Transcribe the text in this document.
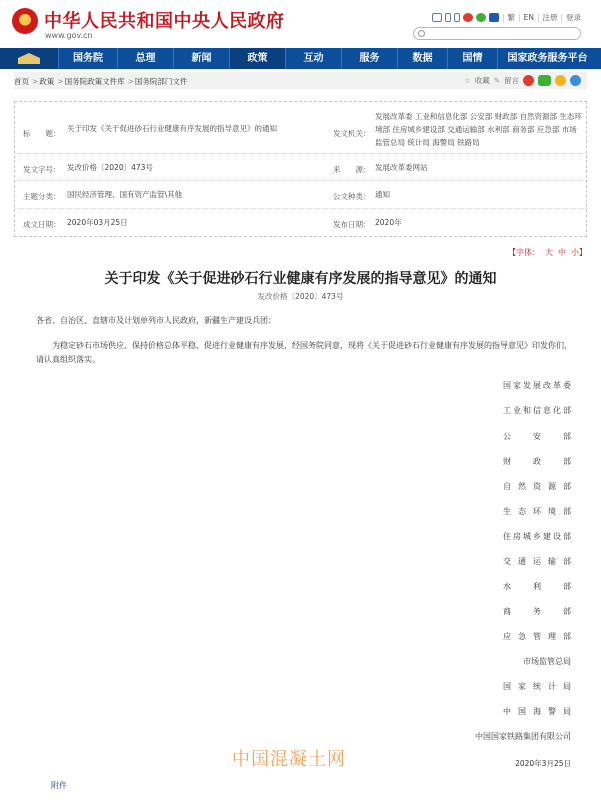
中华人民共和国中央人民政府
www.gov.cn
| 繁 | EN | 注册 | 登录
国务院	总理	新闻	政策	互动	服务	数据	国情	国家政务服务平台
首页 >政策 >国务院政策文件库 >国务院部门文件	☆ 收藏 ✎ 留言
标　　题：
关于印发《关于促进砂石行业健康有序发展的指导意见》的通知
发文机关：
发展改革委 工业和信息化部 公安部 财政部 自然资源部 生态环境部 住房城乡建设部 交通运输部 水利部 商务部 应急部 市场监管总局 统计局 海警局 铁路局
发文字号： 发改价格〔2020〕473号	来　　源： 发展改革委网站
主题分类： 国民经济管理、国有资产监管\其他	公文种类： 通知
成文日期： 2020年03月25日	发布日期： 2020年
【字体： 大 中 小】
关于印发《关于促进砂石行业健康有序发展的指导意见》的通知
发改价格〔2020〕473号
各省、自治区、直辖市及计划单列市人民政府，新疆生产建设兵团：
为稳定砂石市场供应、保持价格总体平稳、促进行业健康有序发展，经国务院同意，现将《关于促进砂石行业健康有序发展的指导意见》印发你们，请认真组织落实。
国家发展改革委
工业和信息化部
公　安　部
财　政　部
自 然 资 源 部
生 态 环 境 部
住房城乡建设部
交 通 运 输 部
水　利　部
商　务　部
应 急 管 理 部
市场监管总局
国 家 统 计 局
中 国 海 警 局
中国国家铁路集团有限公司
中国混凝土网	2020年3月25日
附件
